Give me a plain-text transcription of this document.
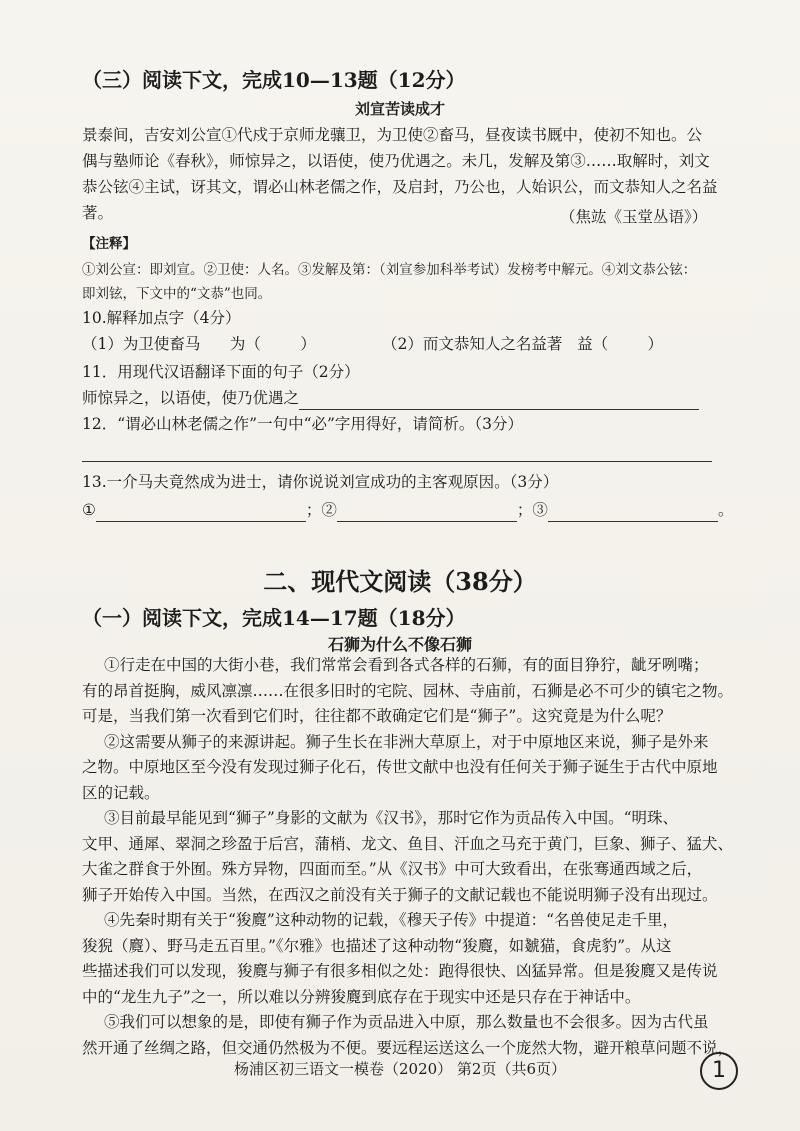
（三）阅读下文，完成10—13题（12分）
刘宣苦读成才
景泰间，吉安刘公宣①代戍于京师龙骧卫，为卫使②畜马，昼夜读书厩中，使初不知也。公
偶与塾师论《春秋》，师惊异之，以语使，使乃优遇之。未几，发解及第③……取解时，刘文
恭公铉④主试，讶其文，谓必山林老儒之作，及启封，乃公也，人始识公，而文恭知人之名益著。	（焦竑《玉堂丛语》）
【注释】
①刘公宣：即刘宣。②卫使：人名。③发解及第：（刘宣参加科举考试）发榜考中解元。④刘文恭公铉：
即刘铉，下文中的“文恭”也同。
10.解释加点字（4分）
（1）为卫使畜马      为（        ）	（2）而文恭知人之名益著   益（        ）
11．用现代汉语翻译下面的句子（2分）
师惊异之，以语使，使乃优遇之
12．“谓必山林老儒之作”一句中“必”字用得好，请简析。（3分）
13.一介马夫竟然成为进士，请你说说刘宣成功的主客观原因。（3分）
①	；②	；③	。
二、现代文阅读（38分）
（一）阅读下文，完成14—17题（18分）
石狮为什么不像石狮
①行走在中国的大街小巷，我们常常会看到各式各样的石狮，有的面目狰狞，龇牙咧嘴；
有的昂首挺胸，威风凛凛……在很多旧时的宅院、园林、寺庙前，石狮是必不可少的镇宅之物。
可是，当我们第一次看到它们时，往往都不敢确定它们是“狮子”。这究竟是为什么呢？
②这需要从狮子的来源讲起。狮子生长在非洲大草原上，对于中原地区来说，狮子是外来
之物。中原地区至今没有发现过狮子化石，传世文献中也没有任何关于狮子诞生于古代中原地
区的记载。
③目前最早能见到“狮子”身影的文献为《汉书》，那时它作为贡品传入中国。“明珠、
文甲、通犀、翠洞之珍盈于后宫，蒲梢、龙文、鱼目、汗血之马充于黄门，巨象、狮子、猛犬、
大雀之群食于外囿。殊方异物，四面而至。”从《汉书》中可大致看出，在张骞通西域之后，
狮子开始传入中国。当然，在西汉之前没有关于狮子的文献记载也不能说明狮子没有出现过。
④先秦时期有关于“狻麑”这种动物的记载，《穆天子传》中提道：“名兽使足走千里，
狻猊（麑）、野马走五百里。”《尔雅》也描述了这种动物“狻麑，如虦猫，食虎豹”。从这
些描述我们可以发现，狻麑与狮子有很多相似之处：跑得很快、凶猛异常。但是狻麑又是传说
中的“龙生九子”之一，所以难以分辨狻麑到底存在于现实中还是只存在于神话中。
⑤我们可以想象的是，即使有狮子作为贡品进入中原，那么数量也不会很多。因为古代虽
然开通了丝绸之路，但交通仍然极为不便。要远程运送这么一个庞然大物，避开粮草问题不说，
杨浦区初三语文一模卷（2020） 第2页（共6页）	1
